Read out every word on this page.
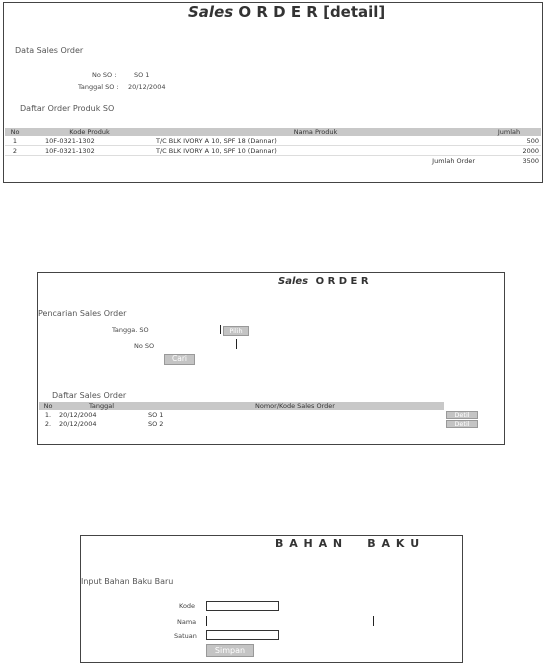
Sales O R D E R [detail]
Data Sales Order
No SO :	SO 1
Tanggal SO : 20/12/2004
Daftar Order Produk SO
No	Kode Produk	Nama Produk	Jumlah
1	10F-0321-1302	T/C BLK IVORY A 10, SPF 18 (Dannar)	500
2	10F-0321-1302	T/C BLK IVORY A 10, SPF 10 (Dannar)	2000
		Jumlah Order	3500
Sales O R D E R
Pencarian Sales Order
Tangga. SO	Pilih
No SO
Cari
Daftar Sales Order
No	Tanggal	Nomor/Kode Sales Order	
1.	20/12/2004	SO 1	Detil

2.	20/12/2004	SO 2	Detil
B A H A N     B A K U
Input Bahan Baku Baru
Kode
Nama
Satuan
Simpan
